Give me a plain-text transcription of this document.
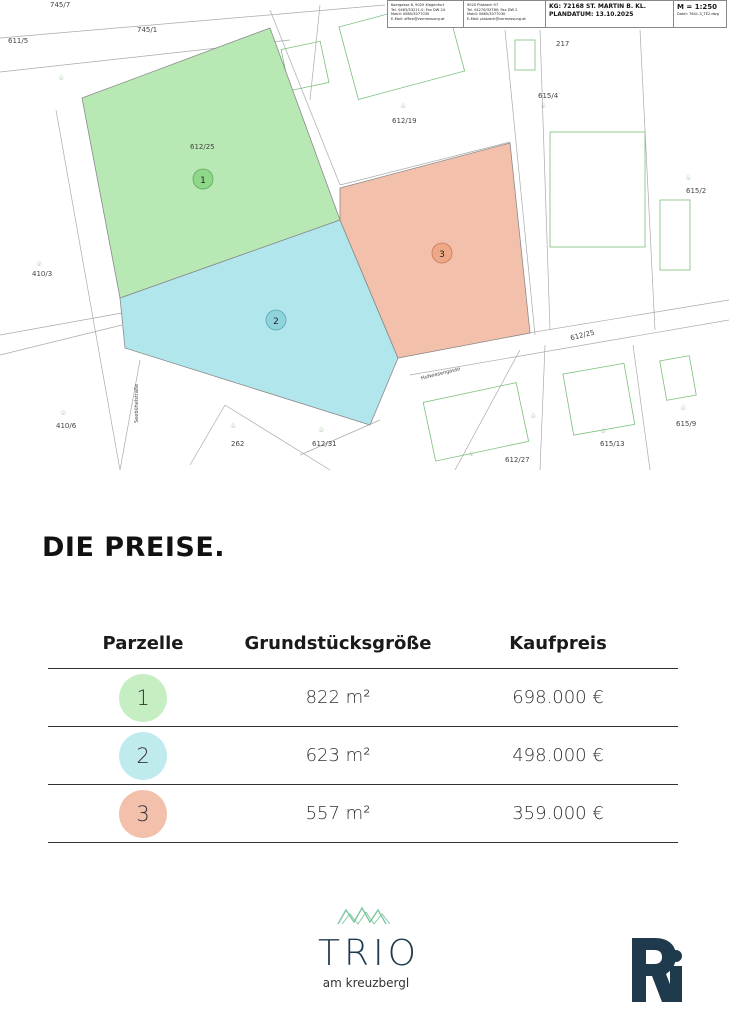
♧
♧	♧
♧
♧
♧
♧
♧
♧
♧
♧
♧
745/7
745/1
611/5
612/25
612/19
615/4
615/2
217
410/3
410/6
262	612/31
612/27
615/13
615/9
612/25
Hofwiesengasse
Seebühelstraße
1
2
3
Koergasse 8, 9020 Klagenfurt
Tel. 0463/33211-0; Fax DW 24
Mobil: 0680/3077030
E-Mail: office@vermessung.at
9020 Platzach 97
Tel. 04276/32780; Fax DW 2
Mobil: 0680/3077030
E-Mail: platzach@vermessung.at
KG: 72168 ST. MARTIN B. KL.
PLANDATUM: 13.10.2025
M = 1:250
Datei: 7641-3_TE2.dwg
DIE PREISE.
Parzelle	Grundstücksgröße	Kaufpreis
1	822 m²	698.000 €
2	623 m²	498.000 €
3	557 m²	359.000 €
TRIO
am kreuzbergl
